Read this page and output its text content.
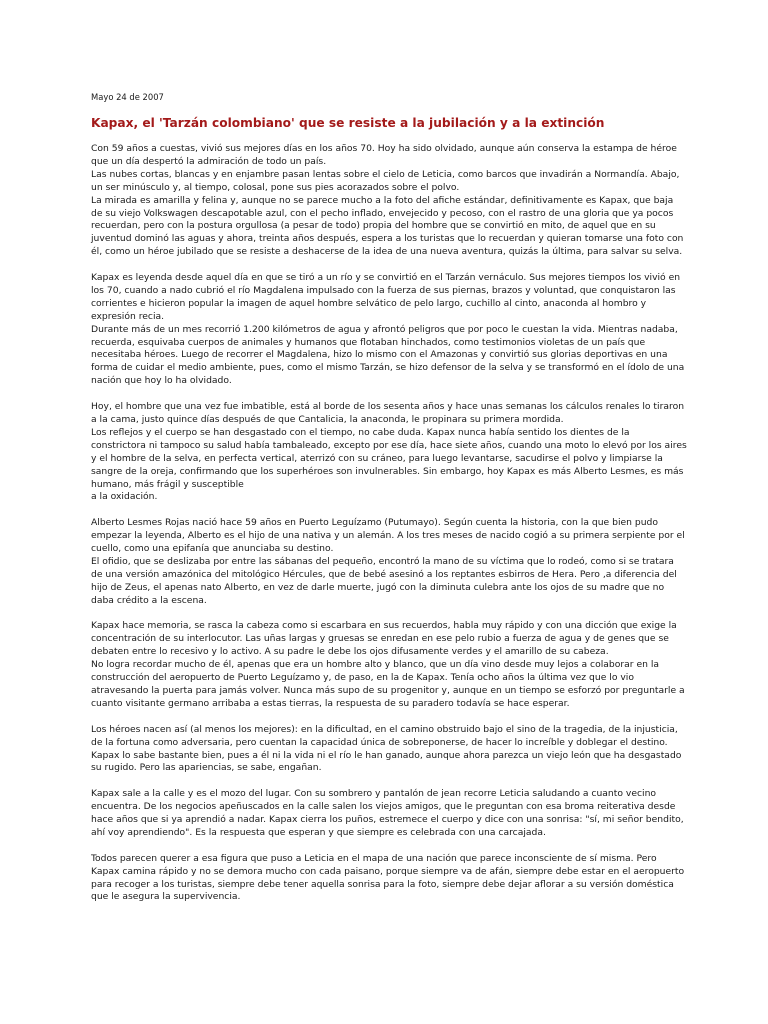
Mayo 24 de 2007

Kapax, el 'Tarzán colombiano' que se resiste a la jubilación y a la extinción

Con 59 años a cuestas, vivió sus mejores días en los años 70. Hoy ha sido olvidado, aunque aún conserva la estampa de héroe que un día despertó la admiración de todo un país.

Las nubes cortas, blancas y en enjambre pasan lentas sobre el cielo de Leticia, como barcos que invadirán a Normandía. Abajo, un ser minúsculo y, al tiempo, colosal, pone sus pies acorazados sobre el polvo.

La mirada es amarilla y felina y, aunque no se parece mucho a la foto del afiche estándar, definitivamente es Kapax, que baja de su viejo Volkswagen descapotable azul, con el pecho inflado, envejecido y pecoso, con el rastro de una gloria que ya pocos recuerdan, pero con la postura orgullosa (a pesar de todo) propia del hombre que se convirtió en mito, de aquel que en su juventud dominó las aguas y ahora, treinta años después, espera a los turistas que lo recuerdan y quieran tomarse una foto con él, como un héroe jubilado que se resiste a deshacerse de la idea de una nueva aventura, quizás la última, para salvar su selva.

Kapax es leyenda desde aquel día en que se tiró a un río y se convirtió en el Tarzán vernáculo. Sus mejores tiempos los vivió en los 70, cuando a nado cubrió el río Magdalena impulsado con la fuerza de sus piernas, brazos y voluntad, que conquistaron las corrientes e hicieron popular la imagen de aquel hombre selvático de pelo largo, cuchillo al cinto, anaconda al hombro y expresión recia.

Durante más de un mes recorrió 1.200 kilómetros de agua y afrontó peligros que por poco le cuestan la vida. Mientras nadaba, recuerda, esquivaba cuerpos de animales y humanos que flotaban hinchados, como testimonios violetas de un país que necesitaba héroes. Luego de recorrer el Magdalena, hizo lo mismo con el Amazonas y convirtió sus glorias deportivas en una forma de cuidar el medio ambiente, pues, como el mismo Tarzán, se hizo defensor de la selva y se transformó en el ídolo de una nación que hoy lo ha olvidado.

Hoy, el hombre que una vez fue imbatible, está al borde de los sesenta años y hace unas semanas los cálculos renales lo tiraron a la cama, justo quince días después de que Cantalicia, la anaconda, le propinara su primera mordida.

Los reflejos y el cuerpo se han desgastado con el tiempo, no cabe duda. Kapax nunca había sentido los dientes de la constrictora ni tampoco su salud había tambaleado, excepto por ese día, hace siete años, cuando una moto lo elevó por los aires y el hombre de la selva, en perfecta vertical, aterrizó con su cráneo, para luego levantarse, sacudirse el polvo y limpiarse la sangre de la oreja, confirmando que los superhéroes son invulnerables. Sin embargo, hoy Kapax es más Alberto Lesmes, es más humano, más frágil y susceptible

a la oxidación.

Alberto Lesmes Rojas nació hace 59 años en Puerto Leguízamo (Putumayo). Según cuenta la historia, con la que bien pudo empezar la leyenda, Alberto es el hijo de una nativa y un alemán. A los tres meses de nacido cogió a su primera serpiente por el cuello, como una epifanía que anunciaba su destino.

El ofidio, que se deslizaba por entre las sábanas del pequeño, encontró la mano de su víctima que lo rodeó, como si se tratara de una versión amazónica del mitológico Hércules, que de bebé asesinó a los reptantes esbirros de Hera. Pero ,a diferencia del hijo de Zeus, el apenas nato Alberto, en vez de darle muerte, jugó con la diminuta culebra ante los ojos de su madre que no daba crédito a la escena.

Kapax hace memoria, se rasca la cabeza como si escarbara en sus recuerdos, habla muy rápido y con una dicción que exige la concentración de su interlocutor. Las uñas largas y gruesas se enredan en ese pelo rubio a fuerza de agua y de genes que se debaten entre lo recesivo y lo activo. A su padre le debe los ojos difusamente verdes y el amarillo de su cabeza.

No logra recordar mucho de él, apenas que era un hombre alto y blanco, que un día vino desde muy lejos a colaborar en la construcción del aeropuerto de Puerto Leguízamo y, de paso, en la de Kapax. Tenía ocho años la última vez que lo vio atravesando la puerta para jamás volver. Nunca más supo de su progenitor y, aunque en un tiempo se esforzó por preguntarle a cuanto visitante germano arribaba a estas tierras, la respuesta de su paradero todavía se hace esperar.

Los héroes nacen así (al menos los mejores): en la dificultad, en el camino obstruido bajo el sino de la tragedia, de la injusticia, de la fortuna como adversaria, pero cuentan la capacidad única de sobreponerse, de hacer lo increíble y doblegar el destino. Kapax lo sabe bastante bien, pues a él ni la vida ni el río le han ganado, aunque ahora parezca un viejo león que ha desgastado su rugido. Pero las apariencias, se sabe, engañan.

Kapax sale a la calle y es el mozo del lugar. Con su sombrero y pantalón de jean recorre Leticia saludando a cuanto vecino encuentra. De los negocios apeñuscados en la calle salen los viejos amigos, que le preguntan con esa broma reiterativa desde hace años que si ya aprendió a nadar. Kapax cierra los puños, estremece el cuerpo y dice con una sonrisa: "sí, mi señor bendito, ahí voy aprendiendo". Es la respuesta que esperan y que siempre es celebrada con una carcajada.

Todos parecen querer a esa figura que puso a Leticia en el mapa de una nación que parece inconsciente de sí misma. Pero Kapax camina rápido y no se demora mucho con cada paisano, porque siempre va de afán, siempre debe estar en el aeropuerto para recoger a los turistas, siempre debe tener aquella sonrisa para la foto, siempre debe dejar aflorar a su versión doméstica que le asegura la supervivencia.
